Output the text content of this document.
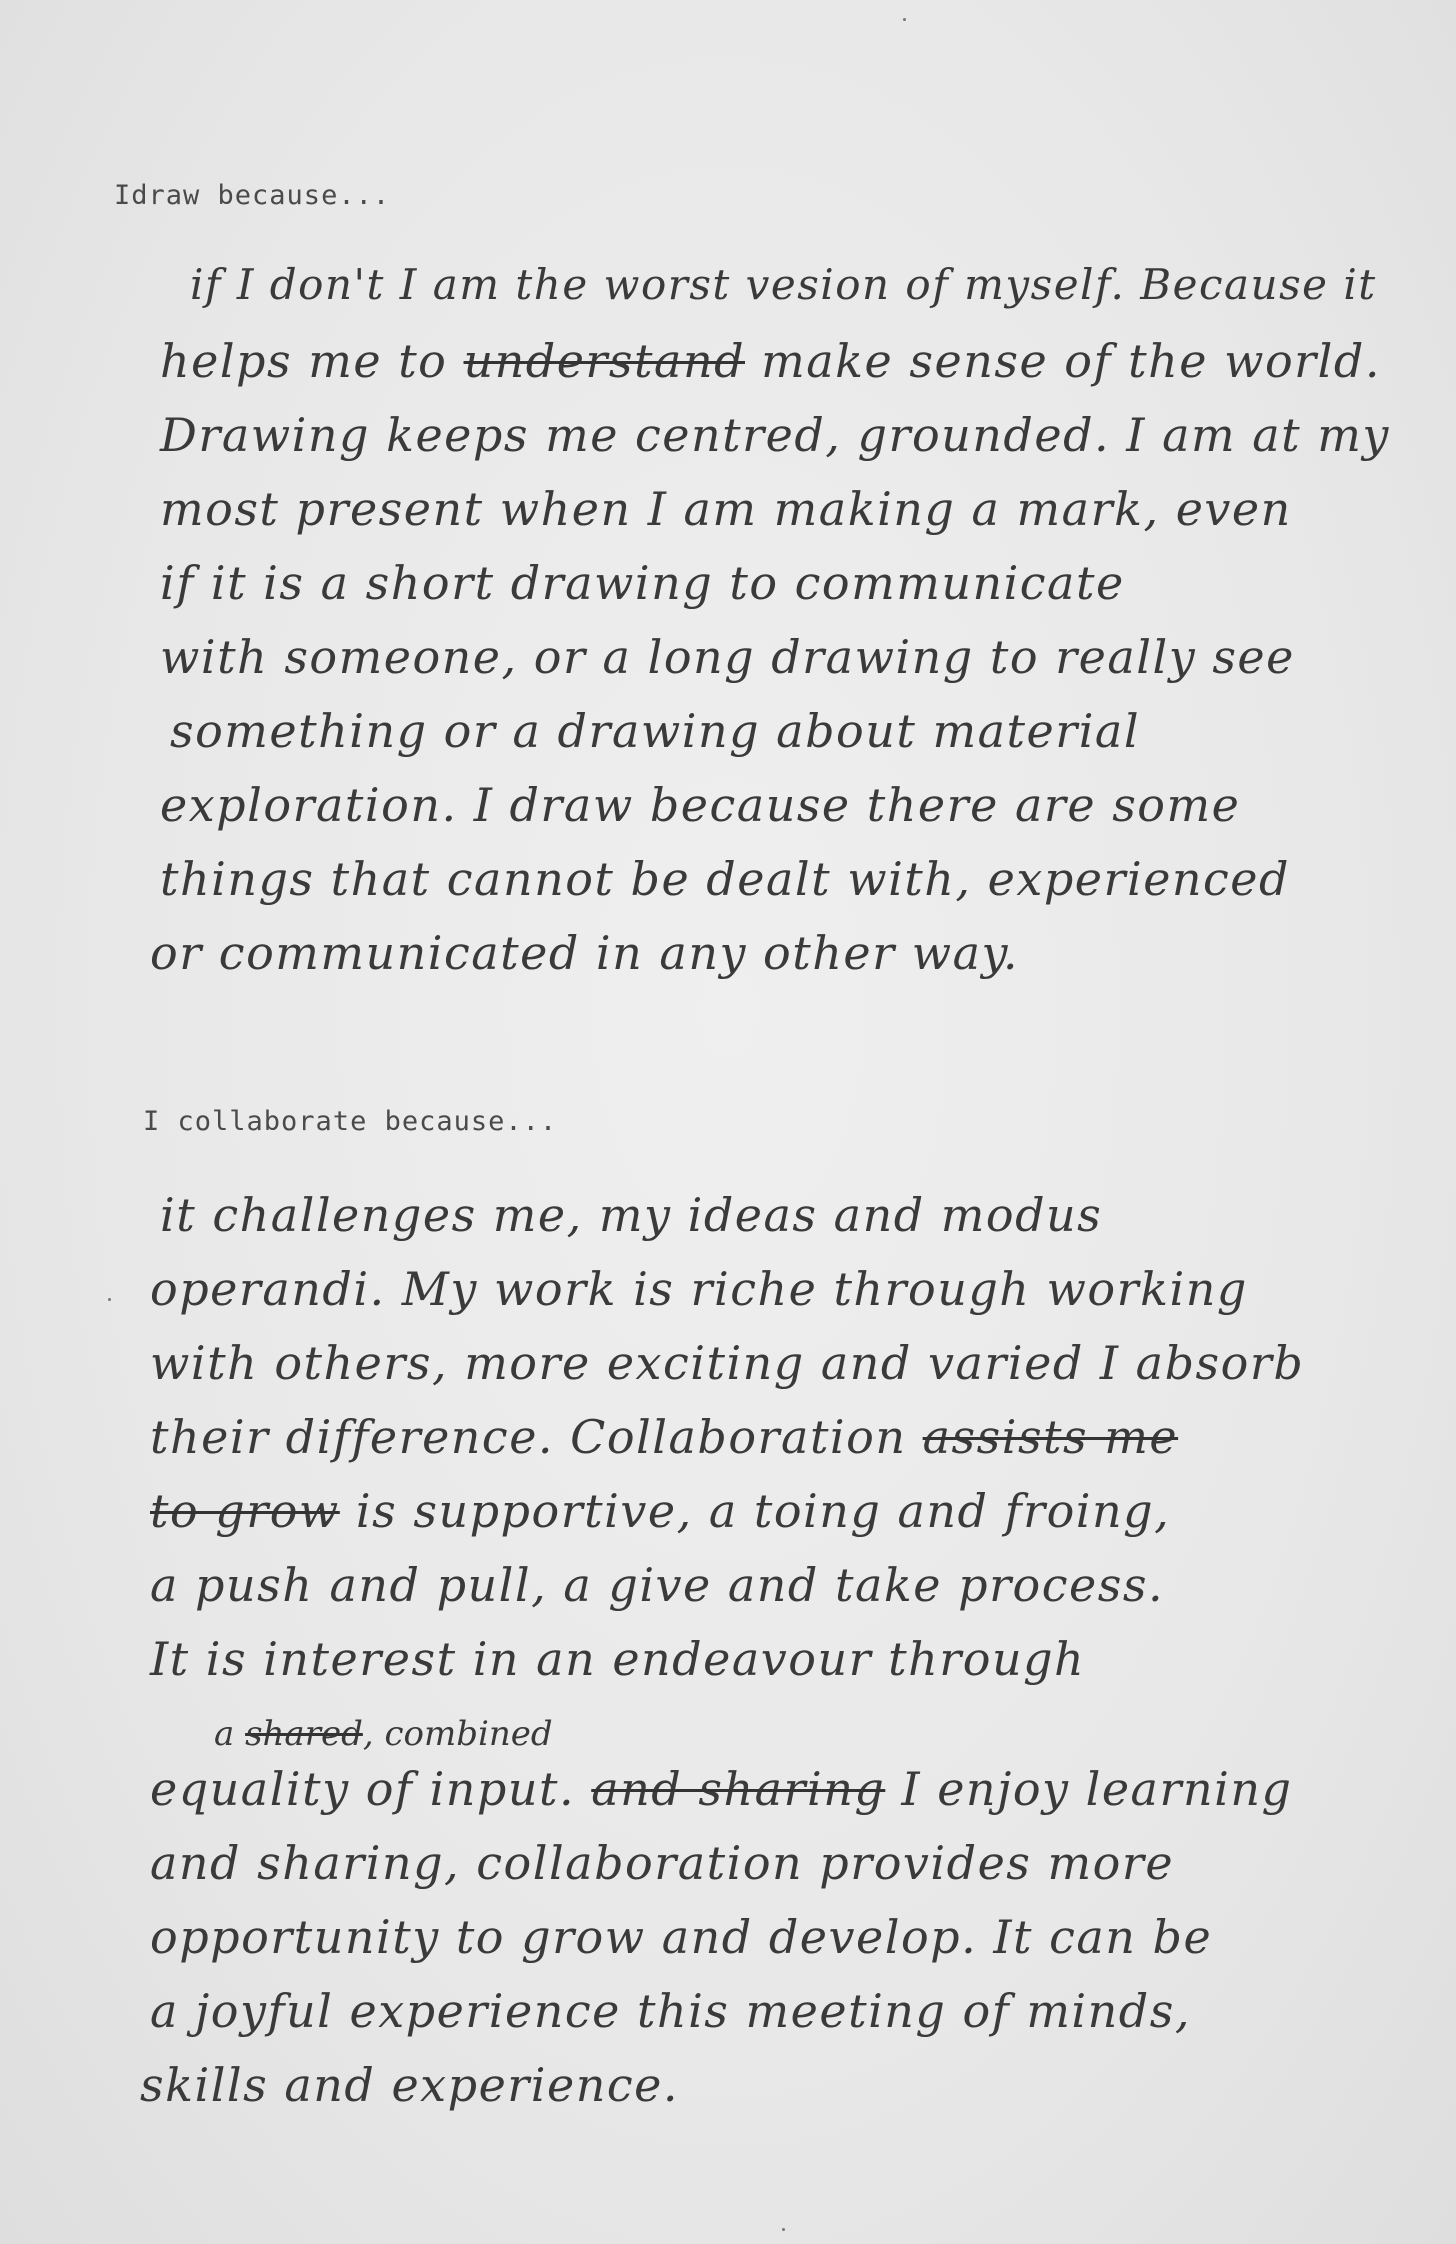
Idraw because...
if I don't I am the worst vesion of myself. Because it
helps me to understand make sense of the world.
Drawing keeps me centred, grounded. I am at my
most present when I am making a mark, even
if it is a short drawing to communicate
with someone, or a long drawing to really see
something or a drawing about material
exploration. I draw because there are some
things that cannot be dealt with, experienced
or communicated in any other way.
I collaborate because...
it challenges me, my ideas and modus
operandi. My work is riche through working
with others, more exciting and varied I absorb
their difference. Collaboration assists me
to grow is supportive, a toing and froing,
a push and pull, a give and take process.
It is interest in an endeavour through
a shared, combined
equality of input. and sharing I enjoy learning
and sharing, collaboration provides more
opportunity to grow and develop. It can be
a joyful experience this meeting of minds,
skills and experience.
